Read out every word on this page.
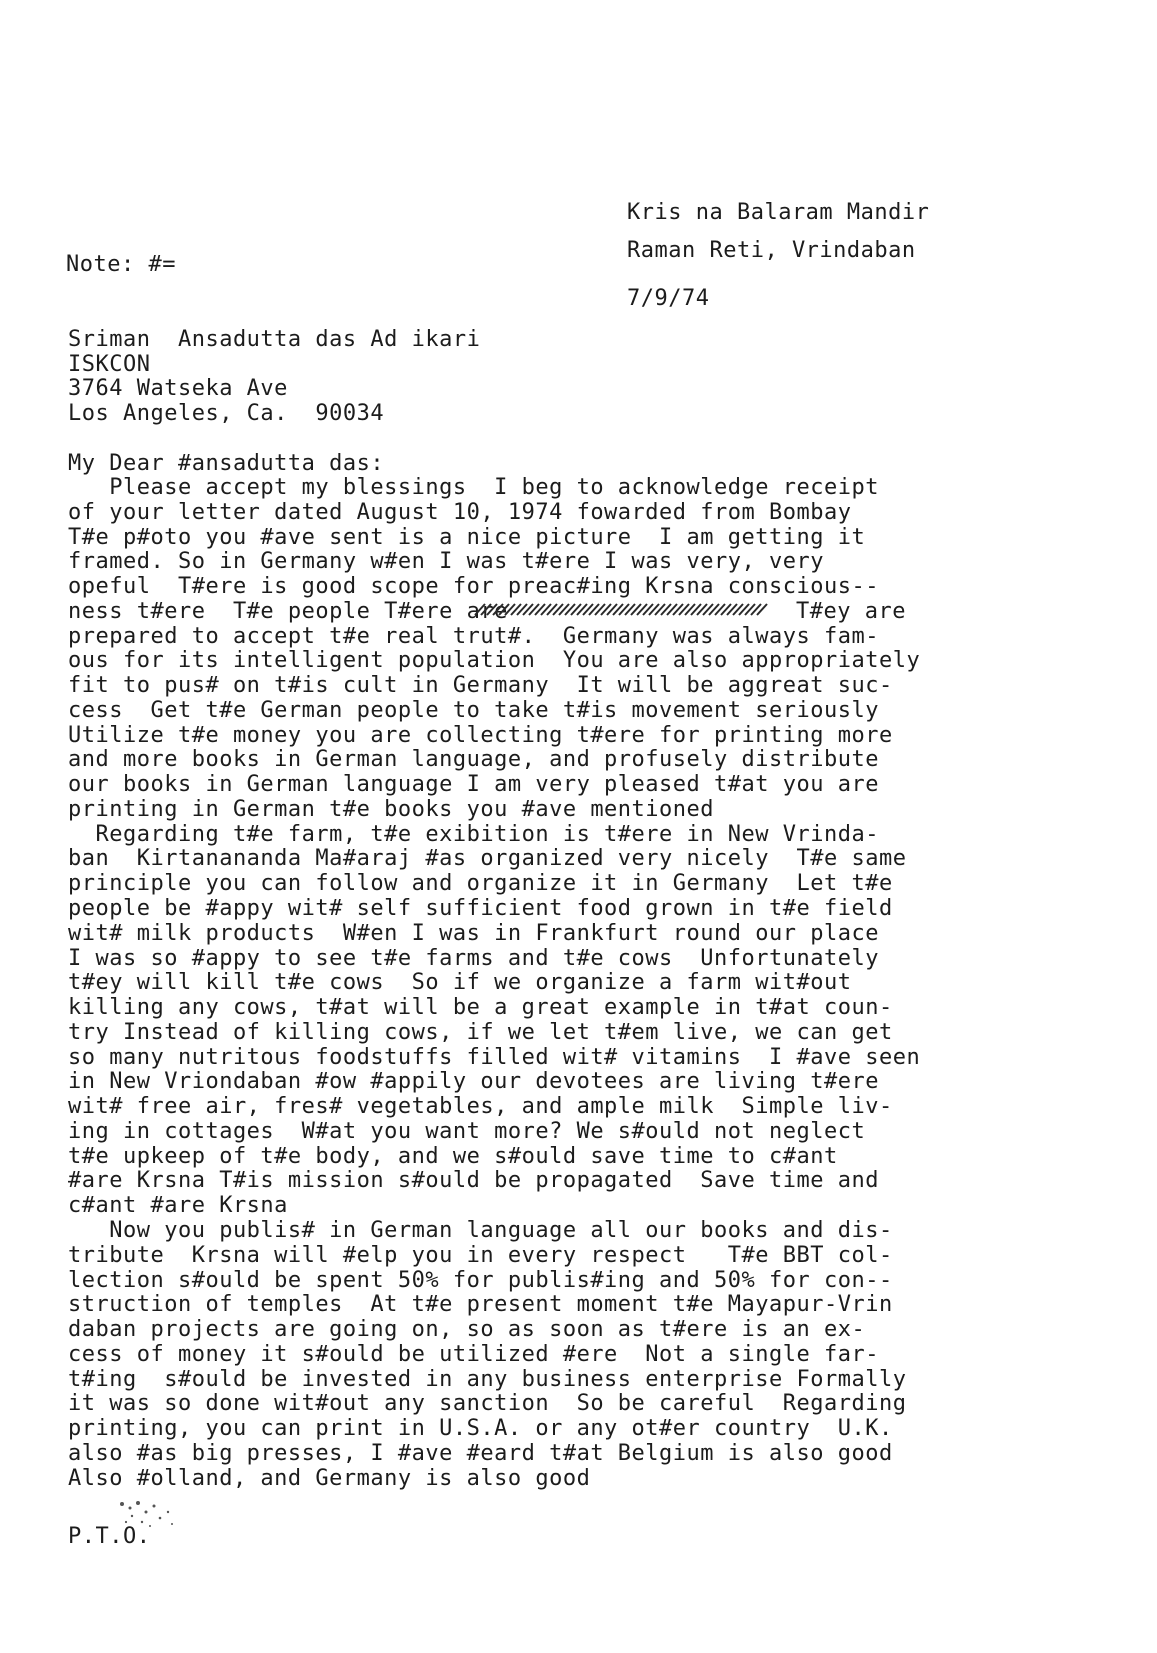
Kris na Balaram Mandir
Raman Reti, Vrindaban
Note: #=
7/9/74
Sriman  Ansadutta das Ad ikari
ISKCON
3764 Watseka Ave
Los Angeles, Ca.  90034
My Dear #ansadutta das:
Please accept my blessings  I beg to acknowledge receipt
of your letter dated August 10, 1974 fowarded from Bombay
T#e p#oto you #ave sent is a nice picture  I am getting it
framed. So in Germany w#en I was t#ere I was very, very
opeful  T#ere is good scope for preac#ing Krsna conscious--
ness t#ere  T#e people T#ere are
prepared to accept t#e real trut#.  Germany was always fam-
ous for its intelligent population  You are also appropriately
fit to pus# on t#is cult in Germany  It will be aggreat suc-
cess  Get t#e German people to take t#is movement seriously
Utilize t#e money you are collecting t#ere for printing more
and more books in German language, and profusely distribute
our books in German language I am very pleased t#at you are
printing in German t#e books you #ave mentioned
Regarding t#e farm, t#e exibition is t#ere in New Vrinda-
ban  Kirtanananda Ma#araj #as organized very nicely  T#e same
principle you can follow and organize it in Germany  Let t#e
people be #appy wit# self sufficient food grown in t#e field
wit# milk products  W#en I was in Frankfurt round our place
I was so #appy to see t#e farms and t#e cows  Unfortunately
t#ey will kill t#e cows  So if we organize a farm wit#out
killing any cows, t#at will be a great example in t#at coun-
try Instead of killing cows, if we let t#em live, we can get
so many nutritous foodstuffs filled wit# vitamins  I #ave seen
in New Vriondaban #ow #appily our devotees are living t#ere
wit# free air, fres# vegetables, and ample milk  Simple liv-
ing in cottages  W#at you want more? We s#ould not neglect
t#e upkeep of t#e body, and we s#ould save time to c#ant
#are Krsna T#is mission s#ould be propagated  Save time and
c#ant #are Krsna
Now you publis# in German language all our books and dis-
tribute  Krsna will #elp you in every respect   T#e BBT col-
lection s#ould be spent 50% for publis#ing and 50% for con--
struction of temples  At t#e present moment t#e Mayapur-Vrin
daban projects are going on, so as soon as t#ere is an ex-
cess of money it s#ould be utilized #ere  Not a single far-
t#ing  s#ould be invested in any business enterprise Formally
it was so done wit#out any sanction  So be careful  Regarding
printing, you can print in U.S.A. or any ot#er country  U.K.
also #as big presses, I #ave #eard t#at Belgium is also good
Also #olland, and Germany is also good
T#ey are
P.T.O.
